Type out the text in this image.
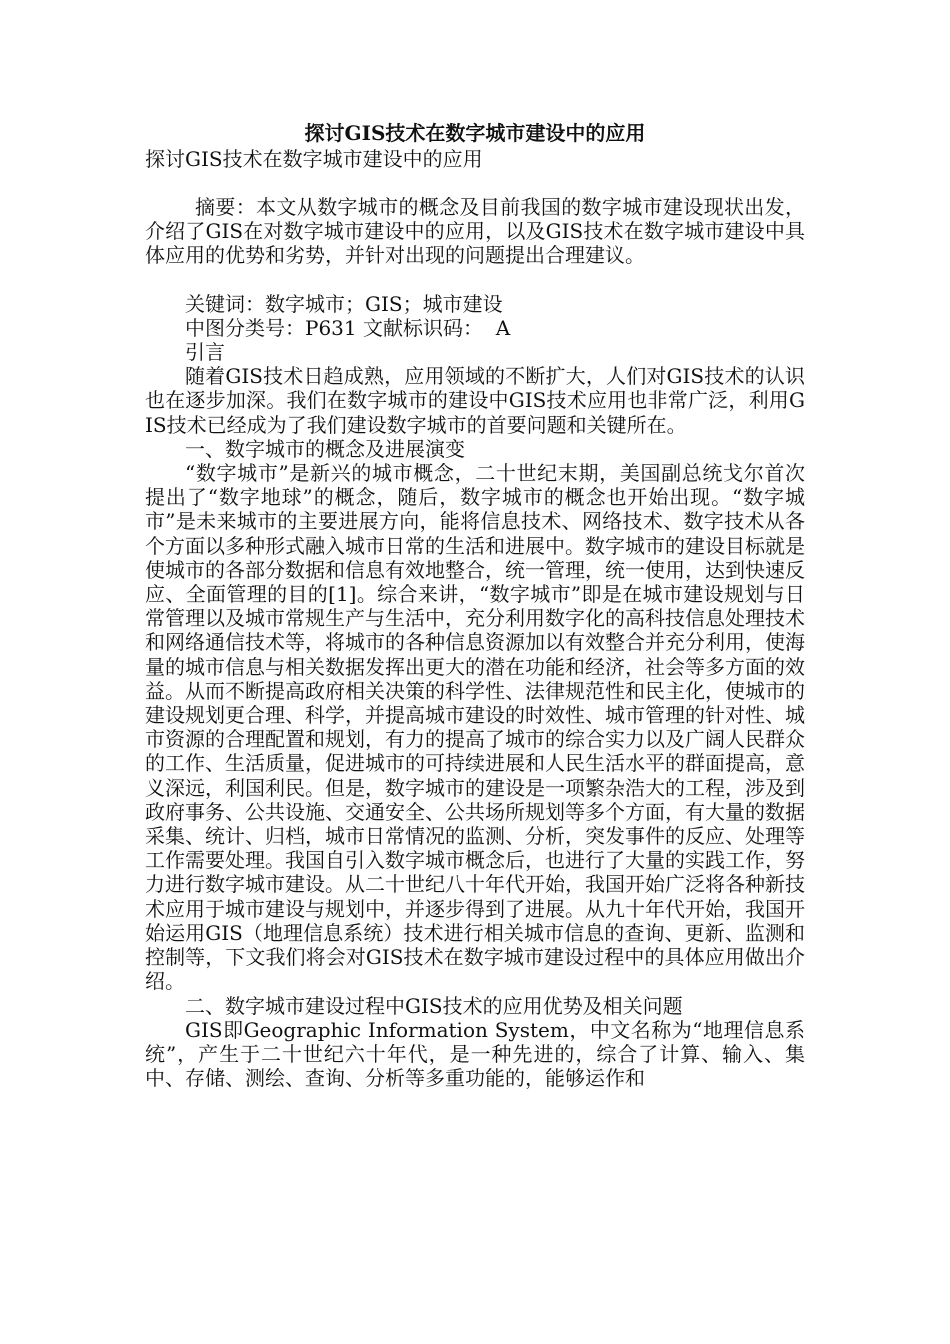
探讨GIS技术在数字城市建设中的应用
探讨GIS技术在数字城市建设中的应用

摘要：本文从数字城市的概念及目前我国的数字城市建设现状出发，介绍了GIS在对数字城市建设中的应用，以及GIS技术在数字城市建设中具体应用的优势和劣势，并针对出现的问题提出合理建议。

关键词：数字城市；GIS；城市建设

中图分类号：P631 文献标识码：  A

引言

随着GIS技术日趋成熟，应用领域的不断扩大，人们对GIS技术的认识也在逐步加深。我们在数字城市的建设中GIS技术应用也非常广泛，利用GIS技术已经成为了我们建设数字城市的首要问题和关键所在。

一、数字城市的概念及进展演变

“数字城市”是新兴的城市概念，二十世纪末期，美国副总统戈尔首次提出了“数字地球”的概念，随后，数字城市的概念也开始出现。“数字城市”是未来城市的主要进展方向，能将信息技术、网络技术、数字技术从各个方面以多种形式融入城市日常的生活和进展中。数字城市的建设目标就是使城市的各部分数据和信息有效地整合，统一管理，统一使用，达到快速反应、全面管理的目的[1]。综合来讲，“数字城市”即是在城市建设规划与日常管理以及城市常规生产与生活中，充分利用数字化的高科技信息处理技术和网络通信技术等，将城市的各种信息资源加以有效整合并充分利用，使海量的城市信息与相关数据发挥出更大的潜在功能和经济，社会等多方面的效益。从而不断提高政府相关决策的科学性、法律规范性和民主化，使城市的建设规划更合理、科学，并提高城市建设的时效性、城市管理的针对性、城市资源的合理配置和规划，有力的提高了城市的综合实力以及广阔人民群众的工作、生活质量，促进城市的可持续进展和人民生活水平的群面提高，意义深远，利国利民。但是，数字城市的建设是一项繁杂浩大的工程，涉及到政府事务、公共设施、交通安全、公共场所规划等多个方面，有大量的数据采集、统计、归档，城市日常情况的监测、分析，突发事件的反应、处理等工作需要处理。我国自引入数字城市概念后，也进行了大量的实践工作，努力进行数字城市建设。从二十世纪八十年代开始，我国开始广泛将各种新技术应用于城市建设与规划中，并逐步得到了进展。从九十年代开始，我国开始运用GIS（地理信息系统）技术进行相关城市信息的查询、更新、监测和控制等，下文我们将会对GIS技术在数字城市建设过程中的具体应用做出介绍。

二、数字城市建设过程中GIS技术的应用优势及相关问题

GIS即Geographic Information System，中文名称为“地理信息系统”，产生于二十世纪六十年代，是一种先进的，综合了计算、输入、集中、存储、测绘、查询、分析等多重功能的，能够运作和
